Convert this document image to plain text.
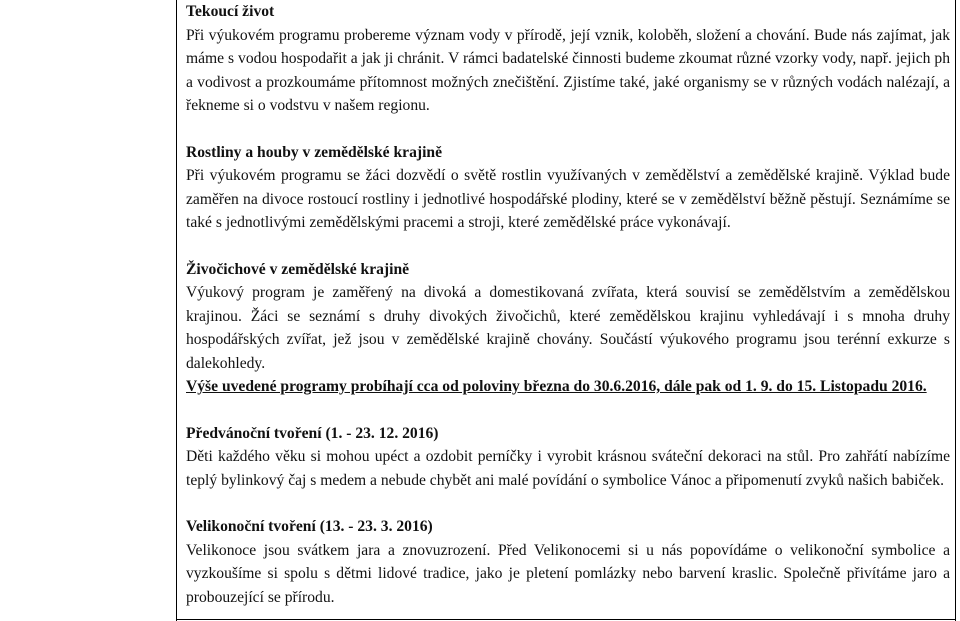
Tekoucí život

Při výukovém programu probereme význam vody v přírodě, její vznik, koloběh, složení a chování. Bude nás zajímat, jak máme s vodou hospodařit a jak ji chránit. V rámci badatelské činnosti budeme zkoumat různé vzorky vody, např. jejich ph a vodivost a prozkoumáme přítomnost možných znečištění. Zjistíme také, jaké organismy se v různých vodách nalézají, a řekneme si o vodstvu v našem regionu.

Rostliny a houby v zemědělské krajině

Při výukovém programu se žáci dozvědí o světě rostlin využívaných v zemědělství a zemědělské krajině. Výklad bude zaměřen na divoce rostoucí rostliny i jednotlivé hospodářské plodiny, které se v zemědělství běžně pěstují. Seznámíme se také s jednotlivými zemědělskými pracemi a stroji, které zemědělské práce vykonávají.

Živočichové v zemědělské krajině

Výukový program je zaměřený na divoká a domestikovaná zvířata, která souvisí se zemědělstvím a zemědělskou krajinou. Žáci se seznámí s druhy divokých živočichů, které zemědělskou krajinu vyhledávají i s mnoha druhy hospodářských zvířat, jež jsou v zemědělské krajině chovány. Součástí výukového programu jsou terénní exkurze s dalekohledy.

Výše uvedené programy probíhají cca od poloviny března do 30.6.2016, dále pak od 1. 9. do 15. Listopadu 2016.

Předvánoční tvoření (1. - 23. 12. 2016)

Děti každého věku si mohou upéct a ozdobit perníčky i vyrobit krásnou sváteční dekoraci na stůl. Pro zahřátí nabízíme teplý bylinkový čaj s medem a nebude chybět ani malé povídání o symbolice Vánoc a připomenutí zvyků našich babiček.

Velikonoční tvoření (13. - 23. 3. 2016)

Velikonoce jsou svátkem jara a znovuzrození. Před Velikonocemi si u nás popovídáme o velikonoční symbolice a vyzkoušíme si spolu s dětmi lidové tradice, jako je pletení pomlázky nebo barvení kraslic. Společně přivítáme jaro a probouzející se přírodu.
